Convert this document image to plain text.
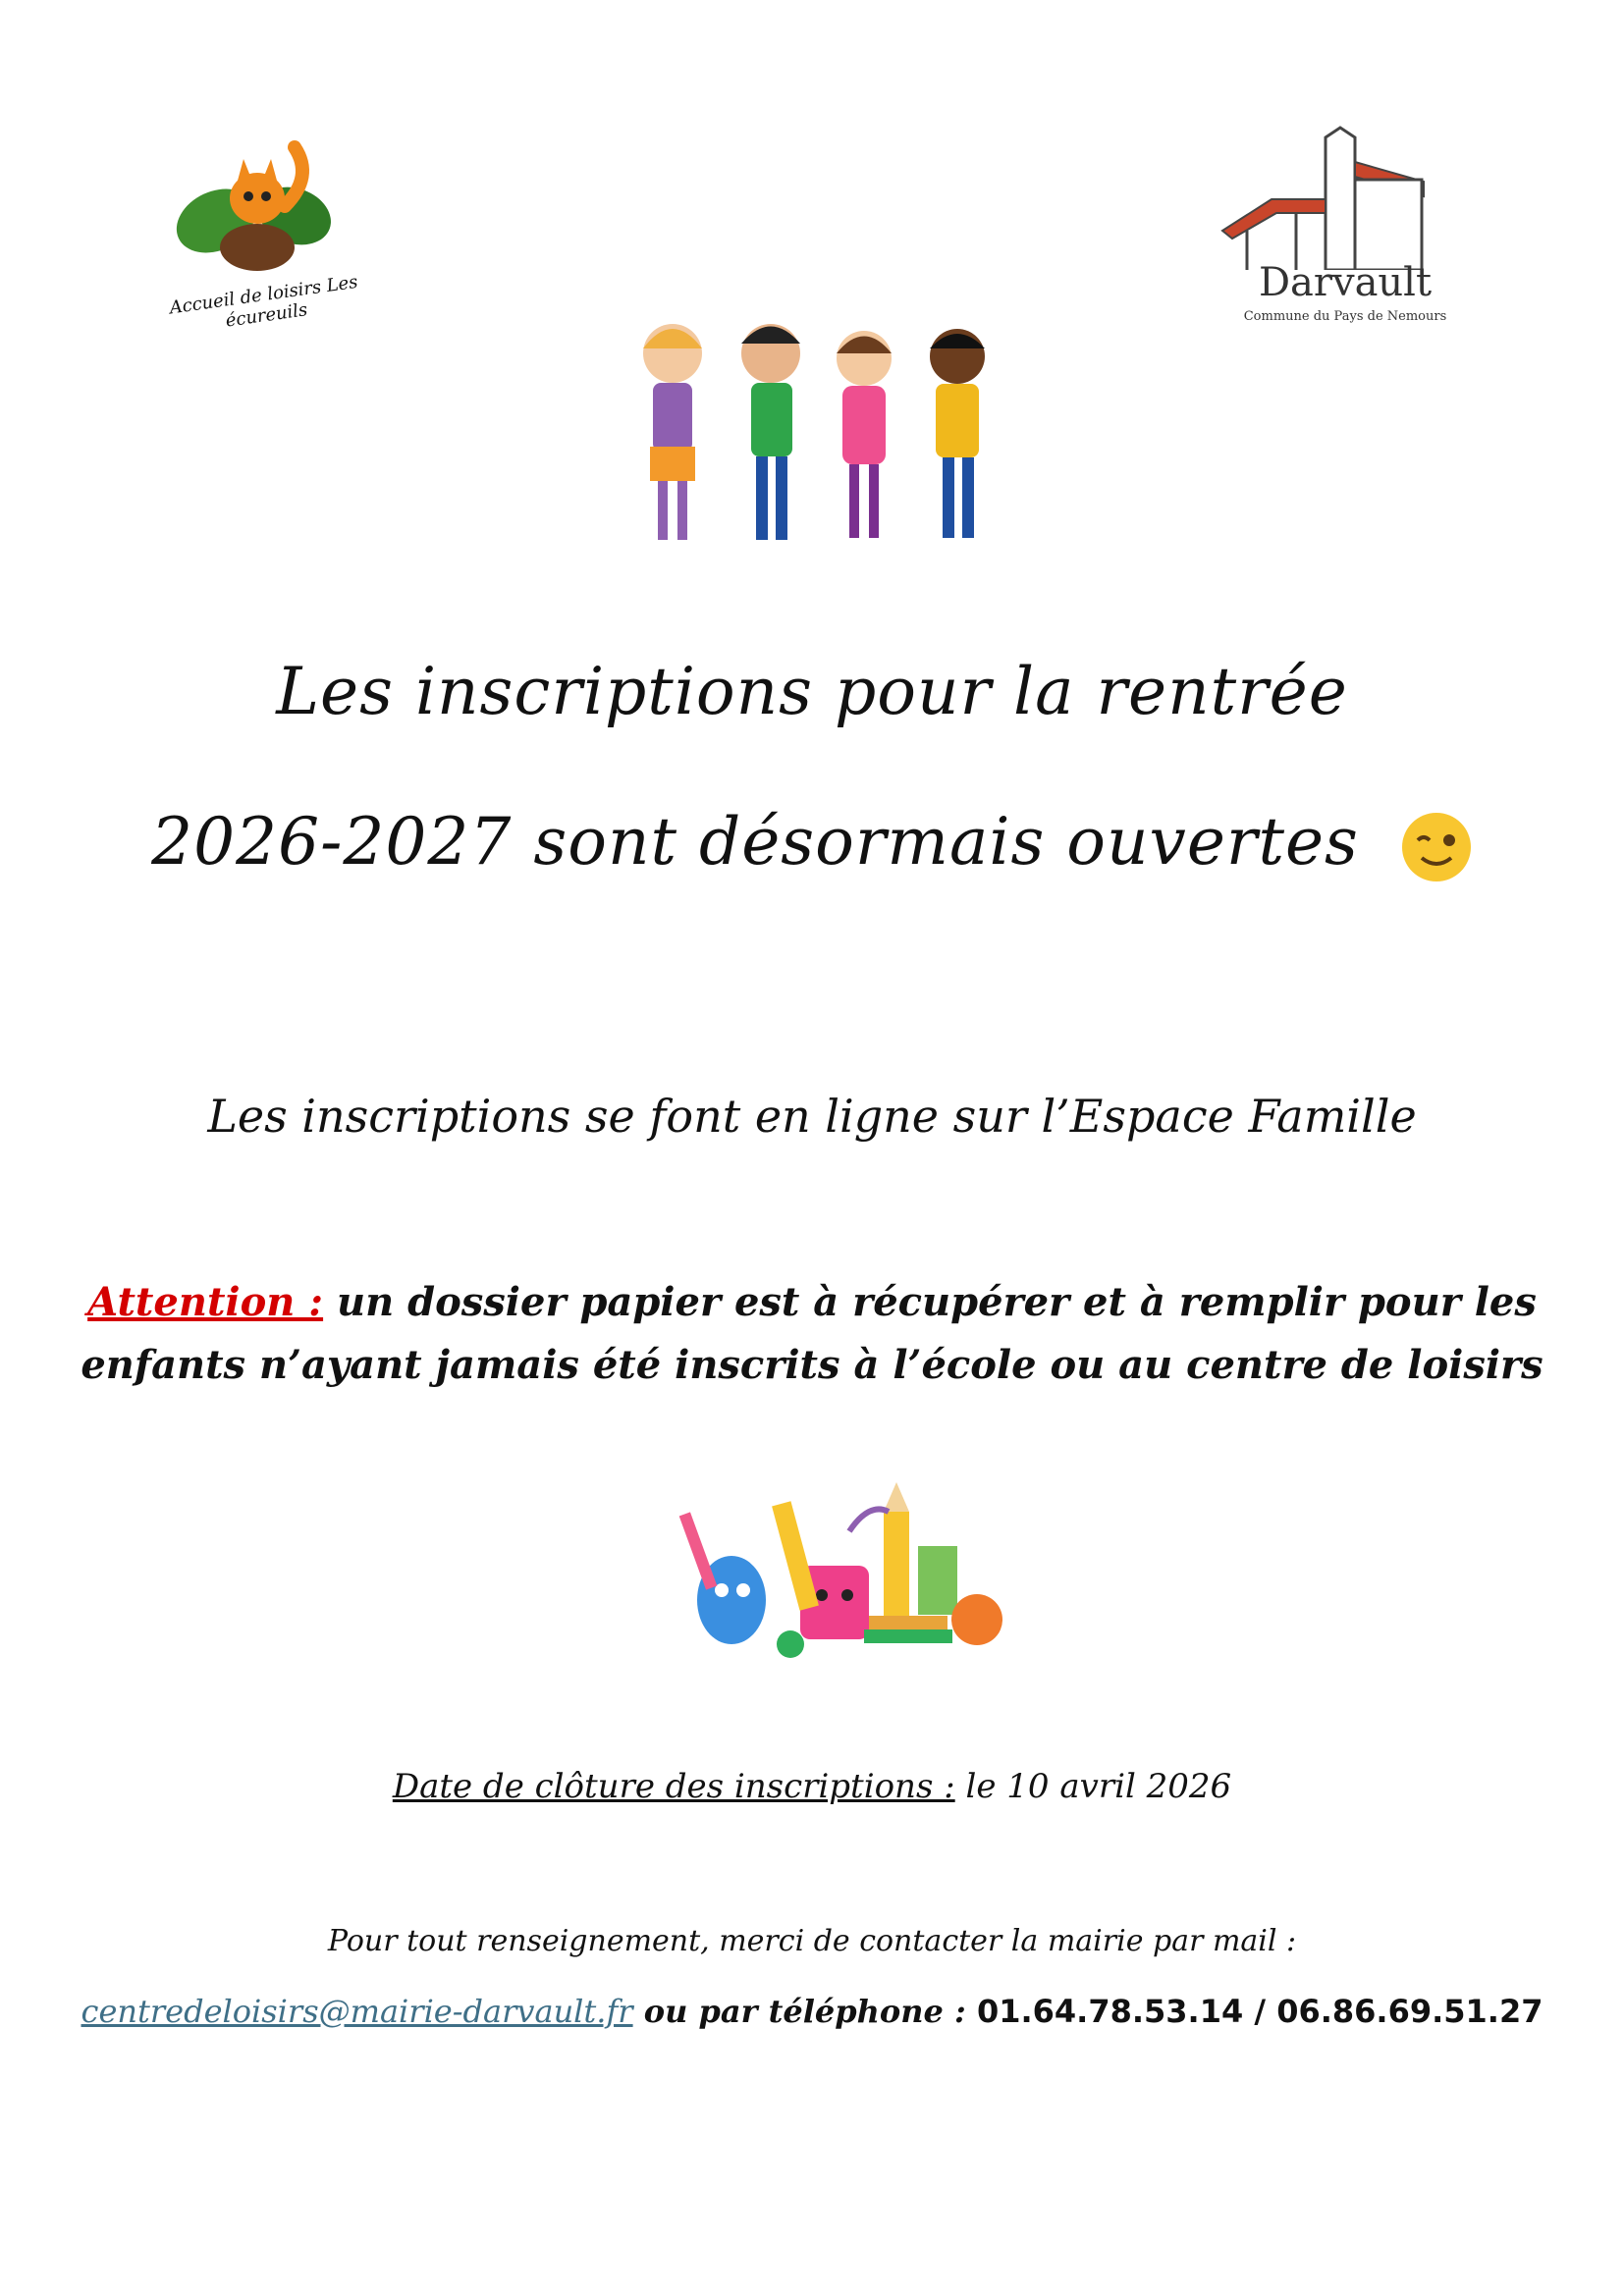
Accueil de loisirs Les écureuils
Darvault
Commune du Pays de Nemours
Les inscriptions pour la rentrée
2026-2027 sont désormais ouvertes
Les inscriptions se font en ligne sur l’Espace Famille
Attention : un dossier papier est à récupérer et à remplir pour les
enfants n’ayant jamais été inscrits à l’école ou au centre de loisirs
Date de clôture des inscriptions : le 10 avril 2026
Pour tout renseignement, merci de contacter la mairie par mail :
centredeloisirs@mairie-darvault.fr ou par téléphone : 01.64.78.53.14 / 06.86.69.51.27
